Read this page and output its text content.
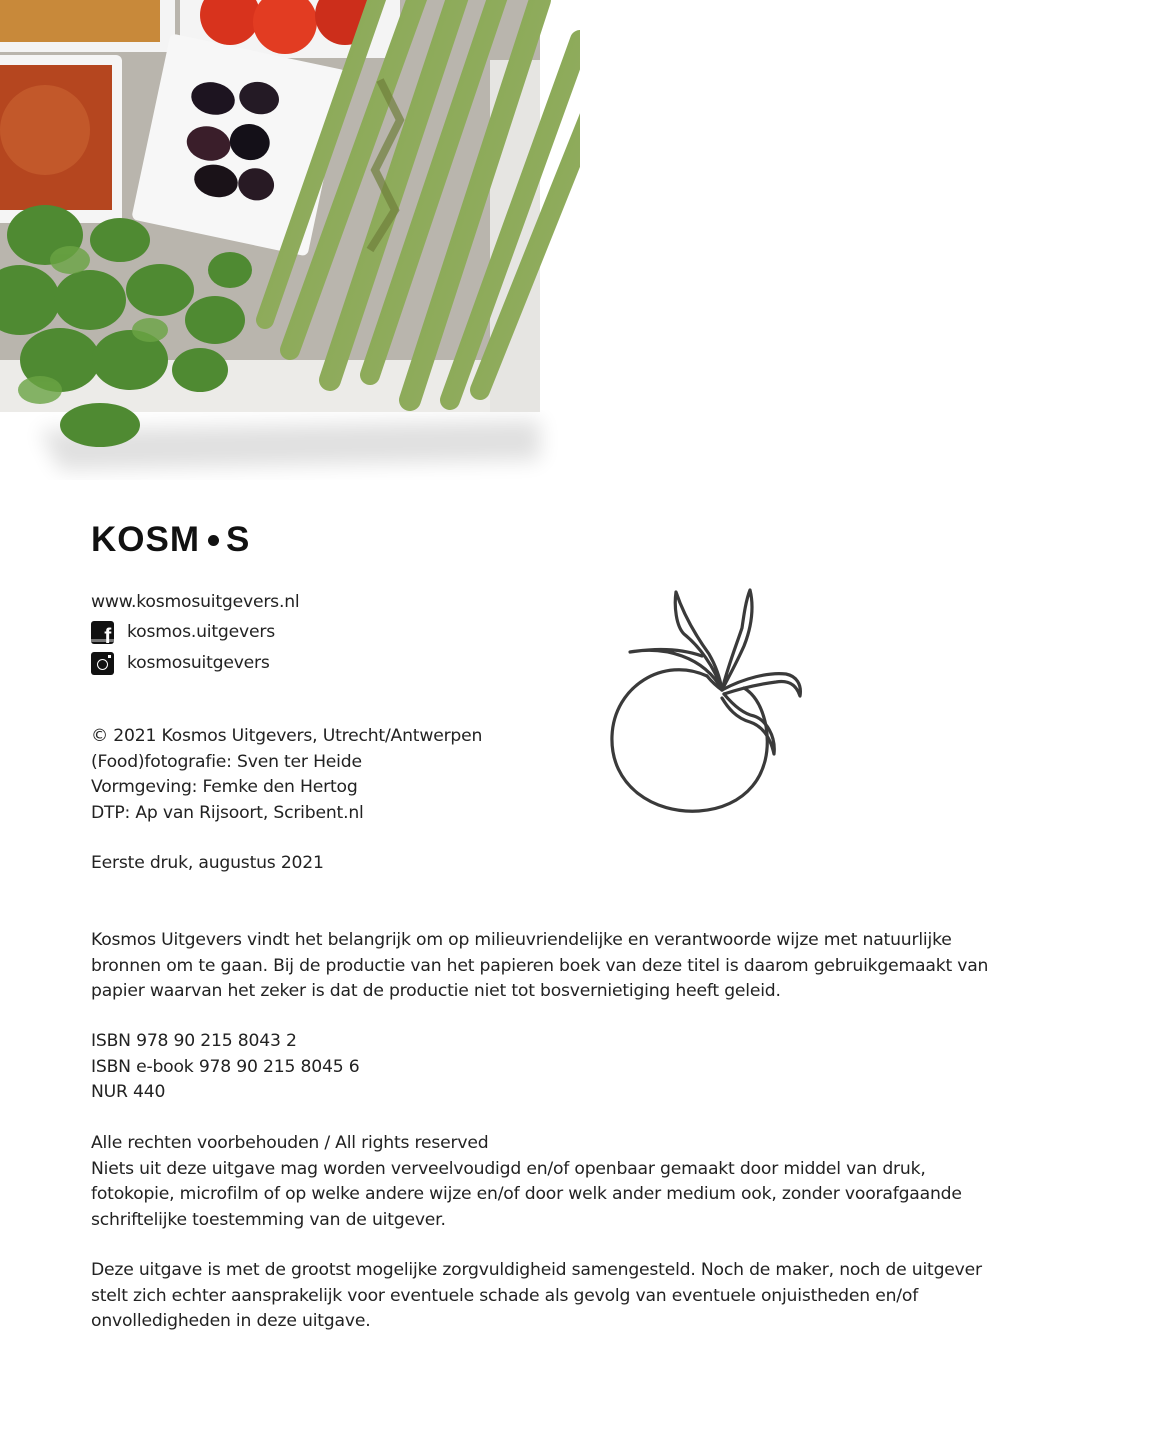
KOSM S
www.kosmosuitgevers.nl
f
kosmos.uitgevers
kosmosuitgevers

© 2021 Kosmos Uitgevers, Utrecht/Antwerpen

(Food)fotografie: Sven ter Heide

Vormgeving: Femke den Hertog

DTP: Ap van Rijsoort, Scribent.nl

Eerste druk, augustus 2021
Kosmos Uitgevers vindt het belangrijk om op milieuvriendelijke en verantwoorde wijze met natuurlijke bronnen om te gaan. Bij de productie van het papieren boek van deze titel is daarom gebruikgemaakt van papier waarvan het zeker is dat de productie niet tot bosvernietiging heeft geleid.

ISBN 978 90 215 8043 2

ISBN e-book 978 90 215 8045 6

NUR 440

Alle rechten voorbehouden / All rights reserved

Niets uit deze uitgave mag worden verveelvoudigd en/of openbaar gemaakt door middel van druk, fotokopie, microfilm of op welke andere wijze en/of door welk ander medium ook, zonder voorafgaande schriftelijke toestemming van de uitgever.

Deze uitgave is met de grootst mogelijke zorgvuldigheid samengesteld. Noch de maker, noch de uitgever stelt zich echter aansprakelijk voor eventuele schade als gevolg van eventuele onjuistheden en/of onvolledigheden in deze uitgave.
